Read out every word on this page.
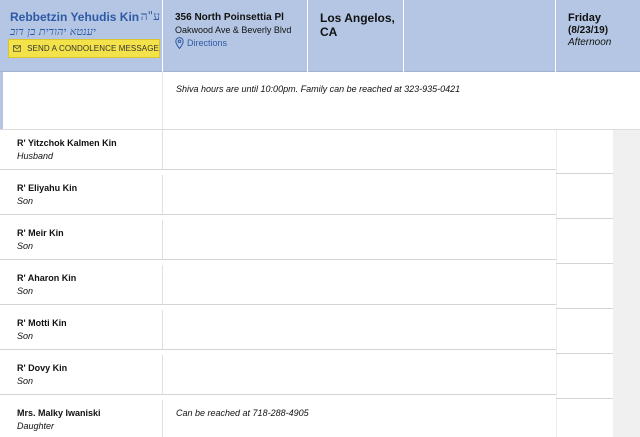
Rebbetzin Yehudis Kin ע"ה
יענטא יהודית בן דוב
SEND A CONDOLENCE MESSAGE
356 North Poinsettia Pl
Oakwood Ave & Beverly Blvd
Directions
Los Angelos, CA
Friday
(8/23/19)
Afternoon
Shiva hours are until 10:00pm. Family can be reached at 323-935-0421
R' Yitzchok Kalmen Kin
Husband
R' Eliyahu Kin
Son
R' Meir Kin
Son
R' Aharon Kin
Son
R' Motti Kin
Son
R' Dovy Kin
Son
Mrs. Malky Iwaniski
Daughter
Can be reached at 718-288-4905
